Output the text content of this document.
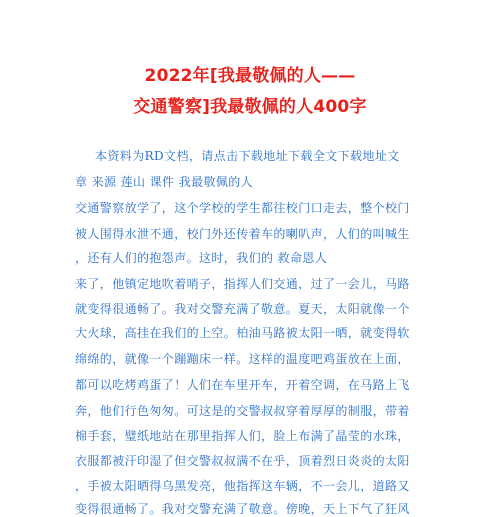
2022年[我最敬佩的人——
交通警察]我最敬佩的人400字
本资料为RD文档，请点击下载地址下载全文下载地址文
章 来源 莲山 课件 我最敬佩的人
交通警察放学了，这个学校的学生都往校门口走去，整个校门
被人围得水泄不通，校门外还传着车的喇叭声，人们的叫喊生
，还有人们的抱怨声。这时，我们的 救命恩人
来了，他镇定地吹着哨子，指挥人们交通，过了一会儿，马路
就变得很通畅了。我对交警充满了敬意。夏天，太阳就像一个
大火球，高挂在我们的上空。柏油马路被太阳一晒，就变得软
绵绵的，就像一个蹦蹦床一样。这样的温度吧鸡蛋放在上面，
都可以吃烤鸡蛋了！人们在车里开车，开着空调，在马路上飞
奔，他们行色匆匆。可这是的交警叔叔穿着厚厚的制服，带着
棉手套，璧纸地站在那里指挥人们，脸上布满了晶莹的水珠，
衣服都被汗印湿了但交警叔叔满不在乎，顶着烈日炎炎的太阳
，手被太阳晒得乌黑发亮，他指挥这车辆，不一会儿，道路又
变得很通畅了。我对交警充满了敬意。傍晚，天上下气了狂风
